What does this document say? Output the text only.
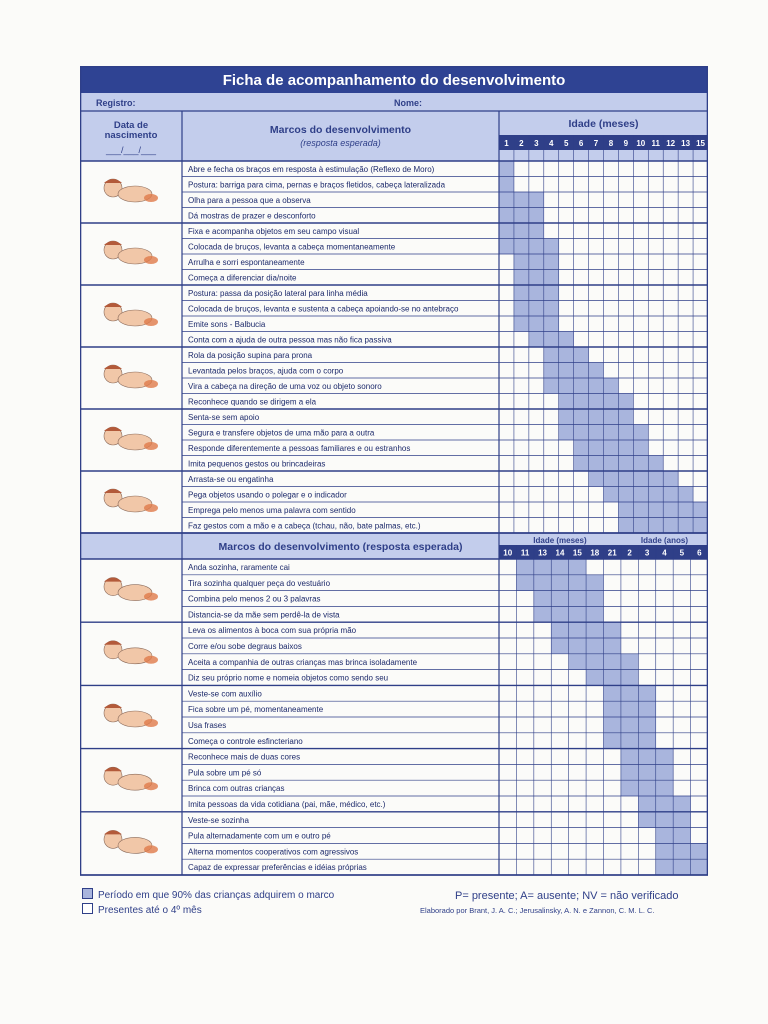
Ficha de acompanhamento do desenvolvimento
Registro:	Nome:
Data de
nascimento
___/___/___
Marcos do desenvolvimento
(resposta esperada)
Idade (meses)
1 2 3 4 5 6 7 8 9 10 11 12 13 15
Abre e fecha os braços em resposta à estimulação (Reflexo de Moro)
Postura: barriga para cima, pernas e braços fletidos, cabeça lateralizada
Olha para a pessoa que a observa
Dá mostras de prazer e desconforto
Fixa e acompanha objetos em seu campo visual
Colocada de bruços, levanta a cabeça momentaneamente
Arrulha e sorri espontaneamente
Começa a diferenciar dia/noite
Postura: passa da posição lateral para linha média
Colocada de bruços, levanta e sustenta a cabeça apoiando-se no antebraço
Emite sons - Balbucia
Conta com a ajuda de outra pessoa mas não fica passiva
Rola da posição supina para prona
Levantada pelos braços, ajuda com o corpo
Vira a cabeça na direção de uma voz ou objeto sonoro
Reconhece quando se dirigem a ela
Senta-se sem apoio
Segura e transfere objetos de uma mão para a outra
Responde diferentemente a pessoas familiares e ou estranhos
Imita pequenos gestos ou brincadeiras
Arrasta-se ou engatinha
Pega objetos usando o polegar e o indicador
Emprega pelo menos uma palavra com sentido
Faz gestos com a mão e a cabeça (tchau, não, bate palmas, etc.)
Marcos do desenvolvimento (resposta esperada)
Idade (meses)	Idade (anos)
10 11 13 14 15 18 21 2 3 4 5 6
Anda sozinha, raramente cai
Tira sozinha qualquer peça do vestuário
Combina pelo menos 2 ou 3 palavras
Distancia-se da mãe sem perdê-la de vista
Leva os alimentos à boca com sua própria mão
Corre e/ou sobe degraus baixos
Aceita a companhia de outras crianças mas brinca isoladamente
Diz seu próprio nome e nomeia objetos como sendo seu
Veste-se com auxílio
Fica sobre um pé, momentaneamente
Usa frases
Começa o controle esfincteriano
Reconhece mais de duas cores
Pula sobre um pé só
Brinca com outras crianças
Imita pessoas da vida cotidiana (pai, mãe, médico, etc.)
Veste-se sozinha
Pula alternadamente com um e outro pé
Alterna momentos cooperativos com agressivos
Capaz de expressar preferências e idéias próprias
Período em que 90% das crianças adquirem o marco
Presentes até o 4º mês
P= presente; A= ausente; NV = não verificado
Elaborado por Brant, J. A. C.; Jerusalinsky, A. N. e Zannon, C. M. L. C.
